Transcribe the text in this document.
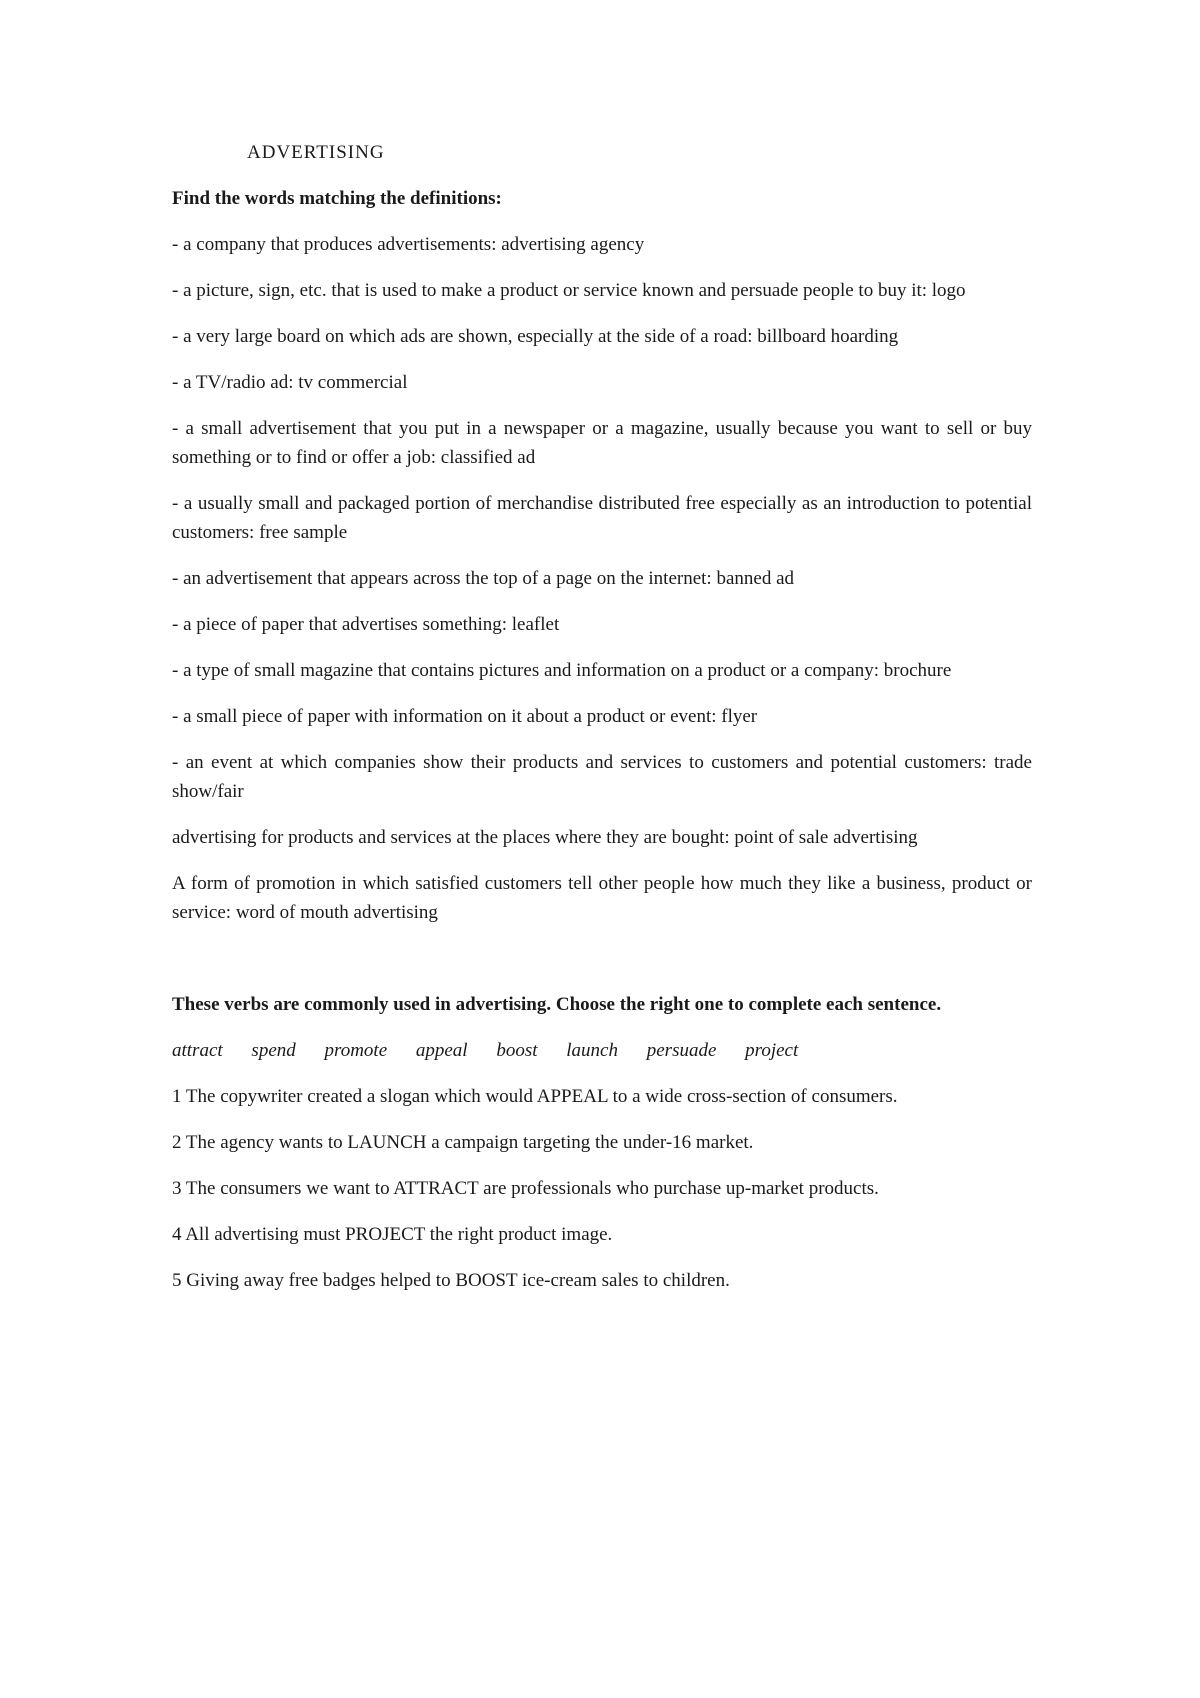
ADVERTISING

Find the words matching the definitions:

- a company that produces advertisements: advertising agency

- a picture, sign, etc. that is used to make a product or service known and persuade people to buy it: logo

- a very large board on which ads are shown, especially at the side of a road: billboard hoarding

- a TV/radio ad: tv commercial

- a small advertisement that you put in a newspaper or a magazine, usually because you want to sell or buy something or to find or offer a job: classified ad

- a usually small and packaged portion of merchandise distributed free especially as an introduction to potential customers: free sample

- an advertisement that appears across the top of a page on the internet: banned ad

- a piece of paper that advertises something: leaflet

- a type of small magazine that contains pictures and information on a product or a company: brochure

- a small piece of paper with information on it about a product or event: flyer

- an event at which companies show their products and services to customers and potential customers: trade show/fair

advertising for products and services at the places where they are bought: point of sale advertising

A form of promotion in which satisfied customers tell other people how much they like a business, product or service: word of mouth advertising

These verbs are commonly used in advertising. Choose the right one to complete each sentence.

attract spend promote appeal boost launch persuade project

1 The copywriter created a slogan which would APPEAL to a wide cross-section of consumers.

2 The agency wants to LAUNCH a campaign targeting the under-16 market.

3 The consumers we want to ATTRACT are professionals who purchase up-market products.

4 All advertising must PROJECT the right product image.

5 Giving away free badges helped to BOOST ice-cream sales to children.
